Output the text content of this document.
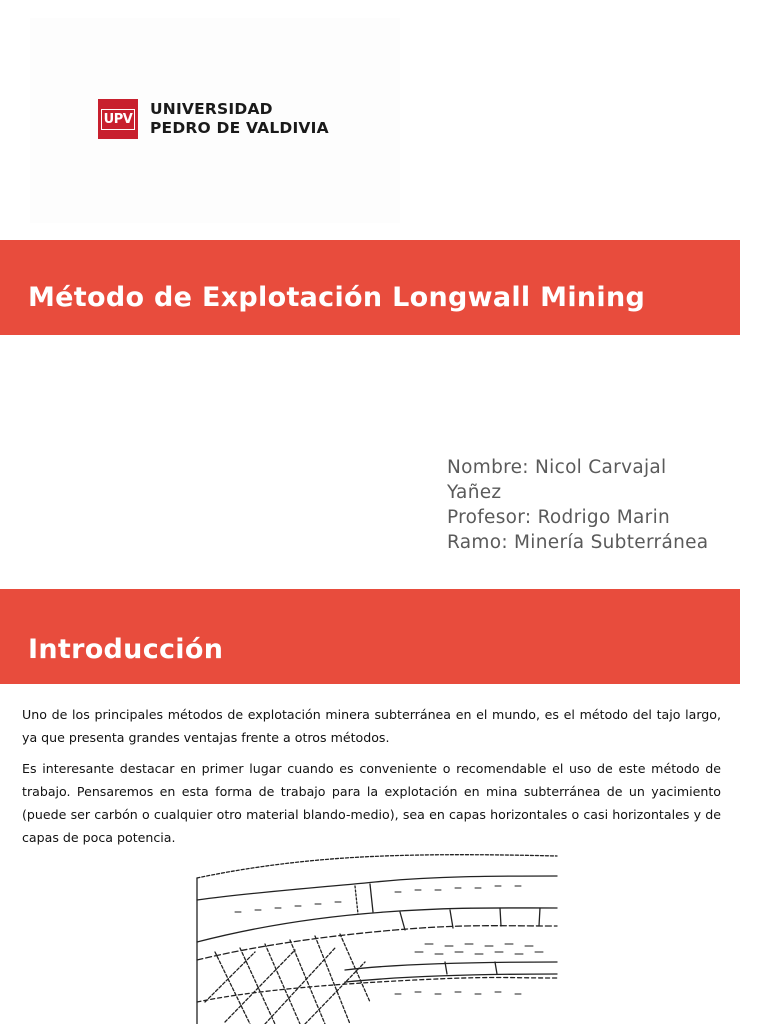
UPV
UNIVERSIDAD
PEDRO DE VALDIVIA
Método de Explotación Longwall Mining
Nombre: Nicol Carvajal
Yañez
Profesor: Rodrigo Marin
Ramo: Minería Subterránea
Introducción

Uno de los principales métodos de explotación minera subterránea en el mundo, es el método del tajo largo, ya que presenta grandes ventajas frente a otros métodos.

Es interesante destacar en primer lugar cuando es conveniente o recomendable el uso de este método de trabajo. Pensaremos en esta forma de trabajo para la explotación en mina subterránea de un yacimiento (puede ser carbón o cualquier otro material blando-medio), sea en capas horizontales o casi horizontales y de capas de poca potencia.
